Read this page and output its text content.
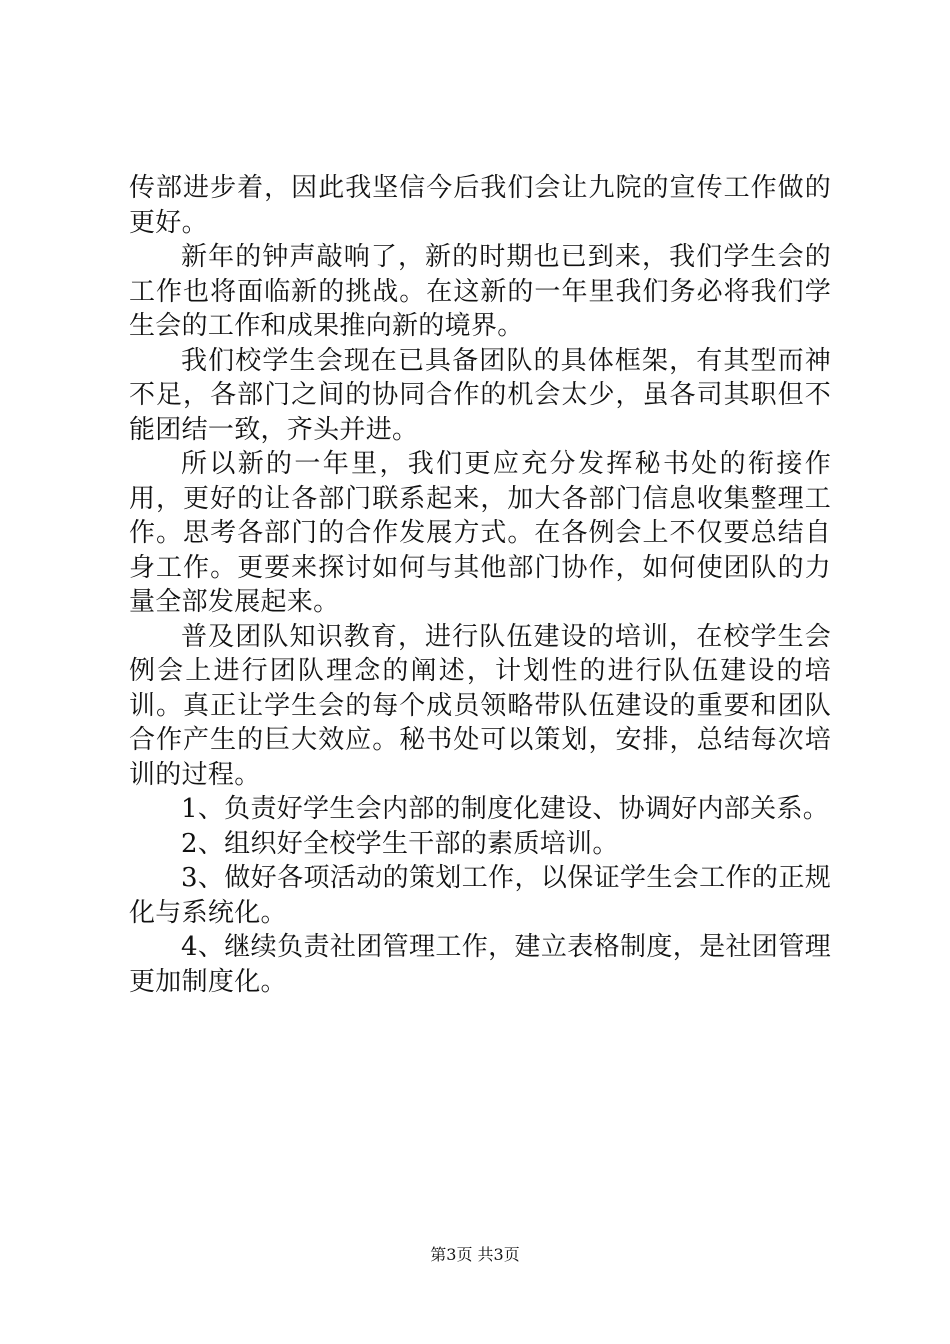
传部进步着，因此我坚信今后我们会让九院的宣传工作做的更好。

新年的钟声敲响了，新的时期也已到来，我们学生会的工作也将面临新的挑战。在这新的一年里我们务必将我们学生会的工作和成果推向新的境界。

我们校学生会现在已具备团队的具体框架，有其型而神不足，各部门之间的协同合作的机会太少，虽各司其职但不能团结一致，齐头并进。

所以新的一年里，我们更应充分发挥秘书处的衔接作用，更好的让各部门联系起来，加大各部门信息收集整理工作。思考各部门的合作发展方式。在各例会上不仅要总结自身工作。更要来探讨如何与其他部门协作，如何使团队的力量全部发展起来。

普及团队知识教育，进行队伍建设的培训，在校学生会例会上进行团队理念的阐述，计划性的进行队伍建设的培训。真正让学生会的每个成员领略带队伍建设的重要和团队合作产生的巨大效应。秘书处可以策划，安排，总结每次培训的过程。

1、负责好学生会内部的制度化建设、协调好内部关系。

2、组织好全校学生干部的素质培训。

3、做好各项活动的策划工作，以保证学生会工作的正规化与系统化。

4、继续负责社团管理工作，建立表格制度，是社团管理更加制度化。

第3页 共3页
